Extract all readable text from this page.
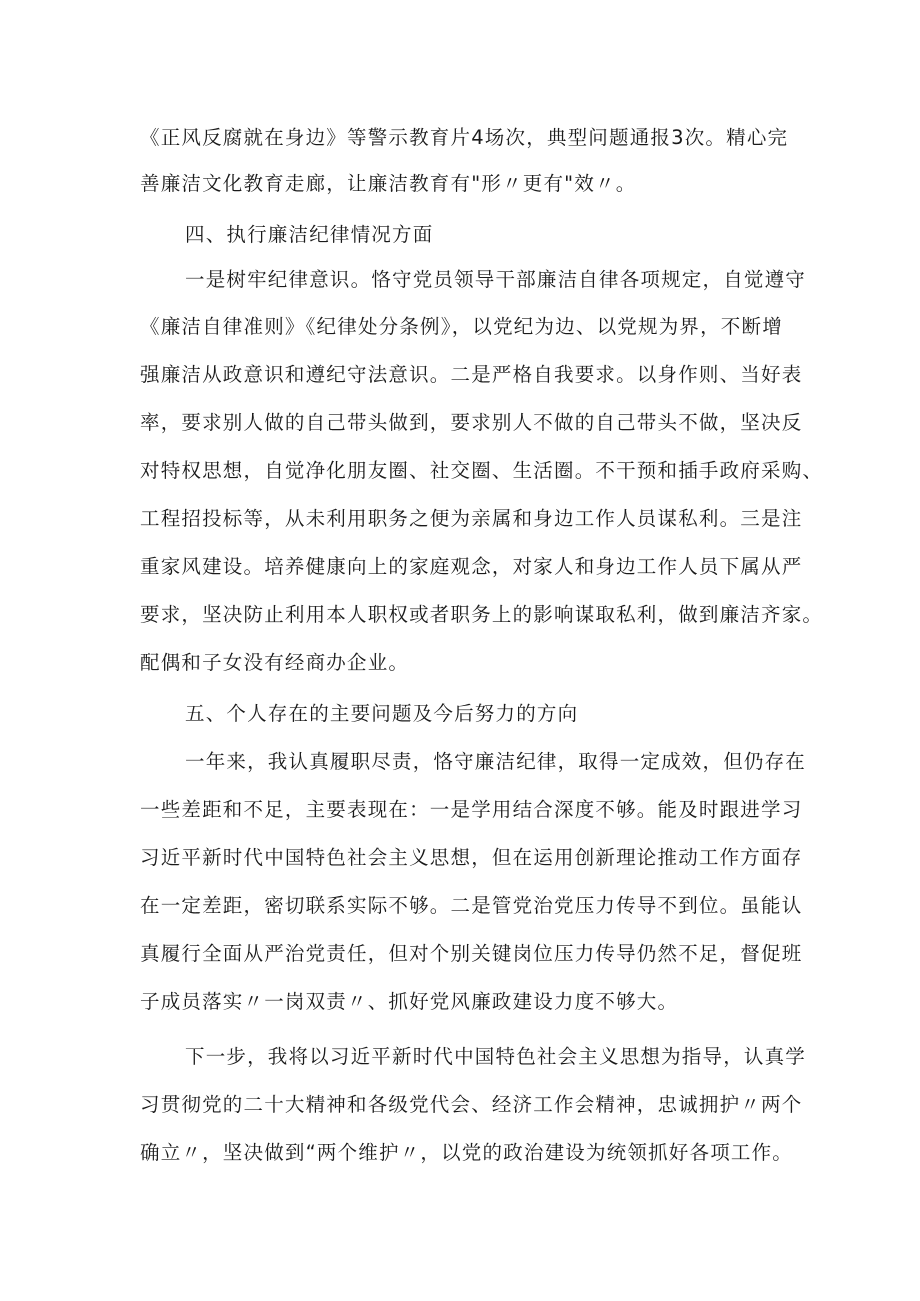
《正风反腐就在身边》等警示教育片4场次，典型问题通报3次。精心完
善廉洁文化教育走廊，让廉洁教育有"形〃更有"效〃。
四、执行廉洁纪律情况方面
一是树牢纪律意识。恪守党员领导干部廉洁自律各项规定，自觉遵守
《廉洁自律准则》《纪律处分条例》，以党纪为边、以党规为界，不断增
强廉洁从政意识和遵纪守法意识。二是严格自我要求。以身作则、当好表
率，要求别人做的自己带头做到，要求别人不做的自己带头不做，坚决反
对特权思想，自觉净化朋友圈、社交圈、生活圈。不干预和插手政府采购、
工程招投标等，从未利用职务之便为亲属和身边工作人员谋私利。三是注
重家风建设。培养健康向上的家庭观念，对家人和身边工作人员下属从严
要求，坚决防止利用本人职权或者职务上的影响谋取私利，做到廉洁齐家。
配偶和子女没有经商办企业。
五、个人存在的主要问题及今后努力的方向
一年来，我认真履职尽责，恪守廉洁纪律，取得一定成效，但仍存在
一些差距和不足，主要表现在：一是学用结合深度不够。能及时跟进学习
习近平新时代中国特色社会主义思想，但在运用创新理论推动工作方面存
在一定差距，密切联系实际不够。二是管党治党压力传导不到位。虽能认
真履行全面从严治党责任，但对个别关键岗位压力传导仍然不足，督促班
子成员落实〃一岗双责〃、抓好党风廉政建设力度不够大。
下一步，我将以习近平新时代中国特色社会主义思想为指导，认真学
习贯彻党的二十大精神和各级党代会、经济工作会精神，忠诚拥护〃两个
确立〃，坚决做到“两个维护〃，以党的政治建设为统领抓好各项工作。
